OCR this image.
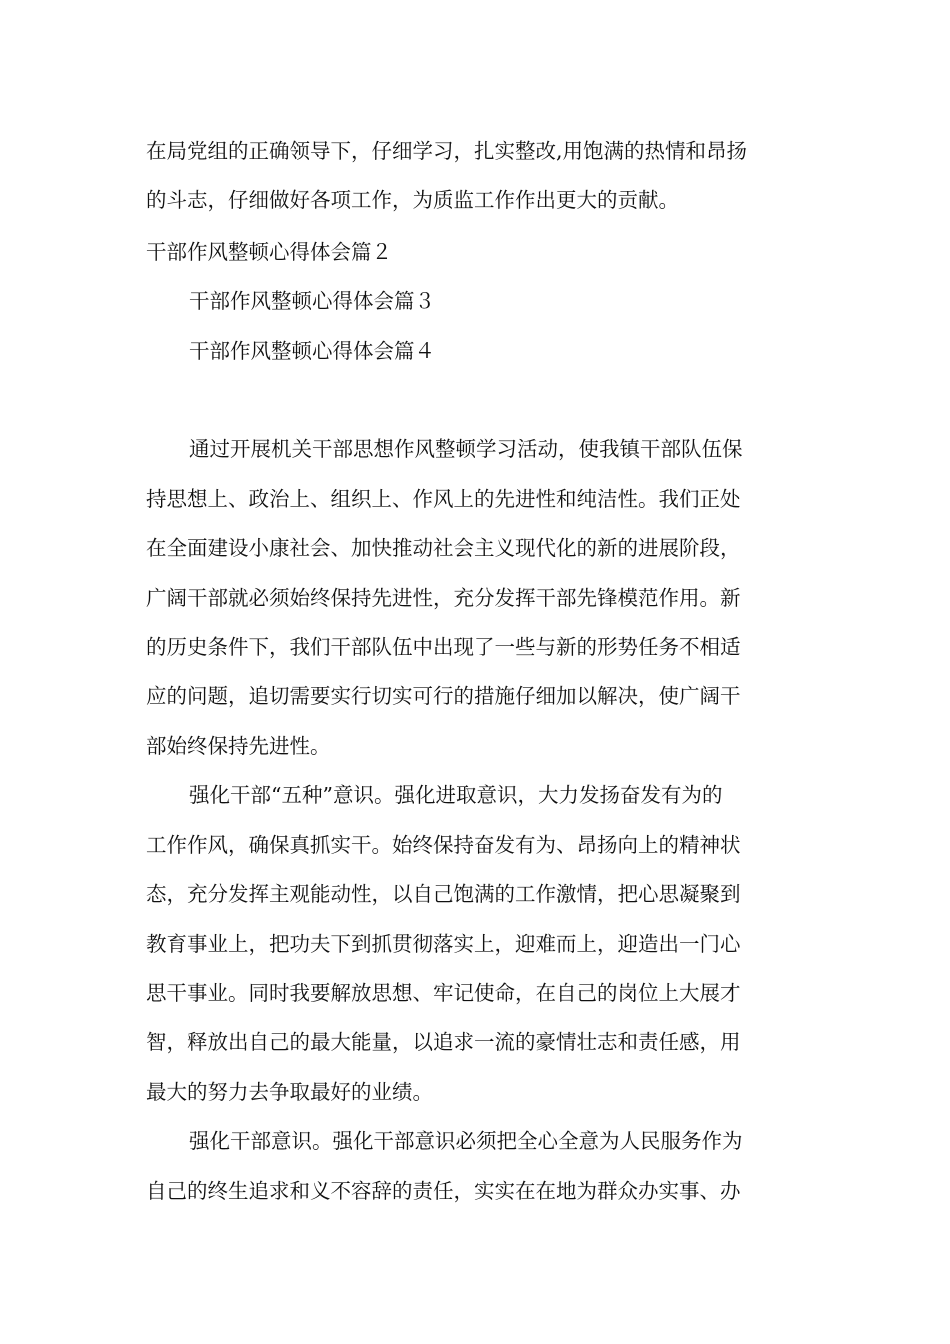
在局党组的正确领导下，仔细学习，扎实整改,用饱满的热情和昂扬
的斗志，仔细做好各项工作，为质监工作作出更大的贡献。
干部作风整顿心得体会篇２
干部作风整顿心得体会篇３
干部作风整顿心得体会篇４
通过开展机关干部思想作风整顿学习活动，使我镇干部队伍保
持思想上、政治上、组织上、作风上的先进性和纯洁性。我们正处
在全面建设小康社会、加快推动社会主义现代化的新的进展阶段，
广阔干部就必须始终保持先进性，充分发挥干部先锋模范作用。新
的历史条件下，我们干部队伍中出现了一些与新的形势任务不相适
应的问题，追切需要实行切实可行的措施仔细加以解决，使广阔干
部始终保持先进性。
强化干部“五种”意识。强化进取意识，大力发扬奋发有为的
工作作风，确保真抓实干。始终保持奋发有为、昂扬向上的精神状
态，充分发挥主观能动性，以自己饱满的工作激情，把心思凝聚到
教育事业上，把功夫下到抓贯彻落实上，迎难而上，迎造出一门心
思干事业。同时我要解放思想、牢记使命，在自己的岗位上大展才
智，释放出自己的最大能量，以追求一流的豪情壮志和责任感，用
最大的努力去争取最好的业绩。
强化干部意识。强化干部意识必须把全心全意为人民服务作为
自己的终生追求和义不容辞的责任，实实在在地为群众办实事、办
